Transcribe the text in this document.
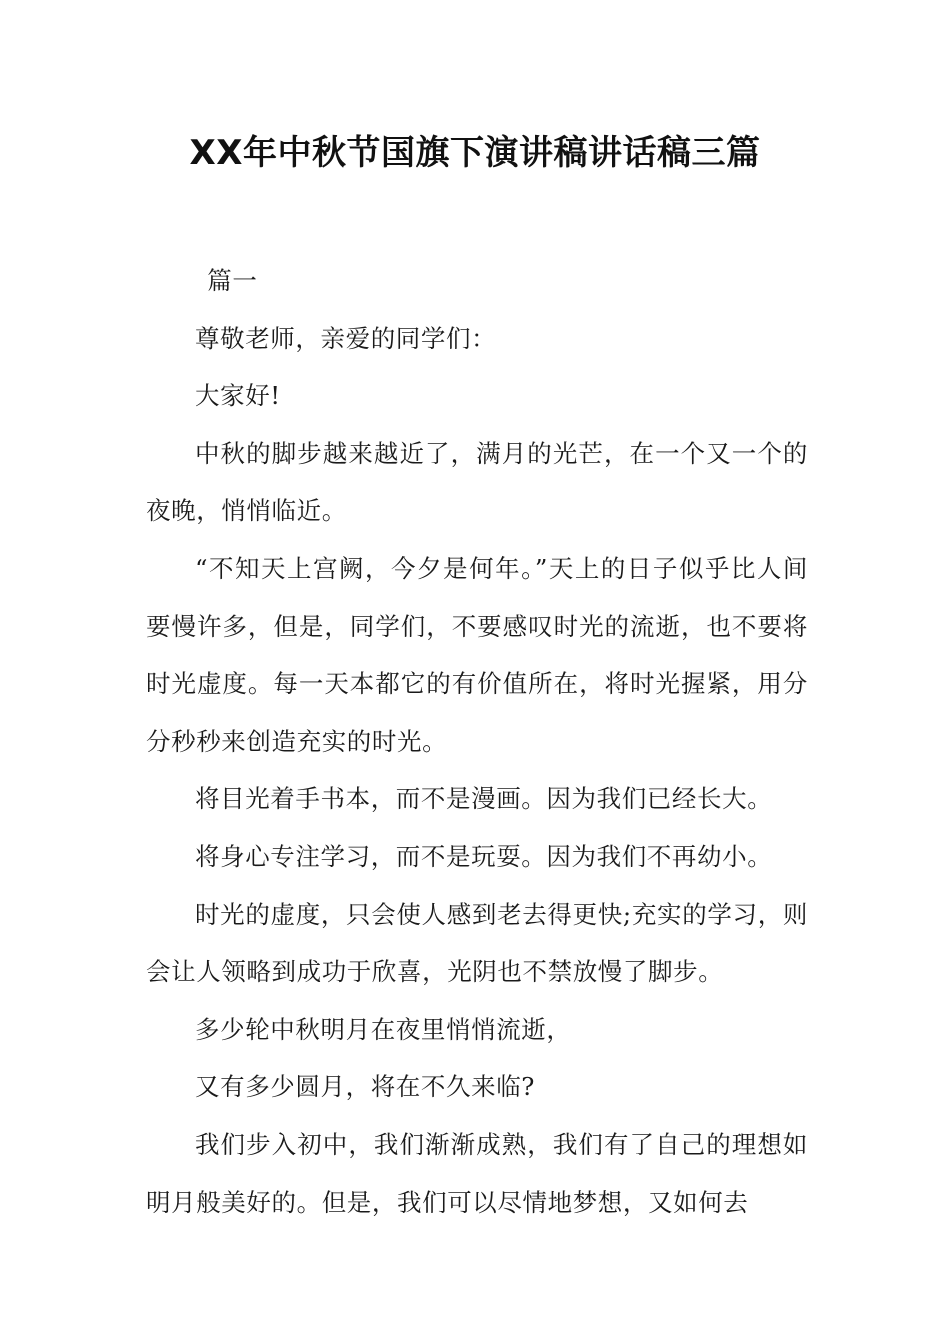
XX年中秋节国旗下演讲稿讲话稿三篇

篇一

尊敬老师，亲爱的同学们：

大家好!

中秋的脚步越来越近了，满月的光芒，在一个又一个的夜晚，悄悄临近。

“不知天上宫阙，今夕是何年。”天上的日子似乎比人间要慢许多，但是，同学们，不要感叹时光的流逝，也不要将时光虚度。每一天本都它的有价值所在，将时光握紧，用分分秒秒来创造充实的时光。

将目光着手书本，而不是漫画。因为我们已经长大。

将身心专注学习，而不是玩耍。因为我们不再幼小。

时光的虚度，只会使人感到老去得更快;充实的学习，则会让人领略到成功于欣喜，光阴也不禁放慢了脚步。

多少轮中秋明月在夜里悄悄流逝，

又有多少圆月，将在不久来临?

我们步入初中，我们渐渐成熟，我们有了自己的理想如明月般美好的。但是，我们可以尽情地梦想，又如何去
